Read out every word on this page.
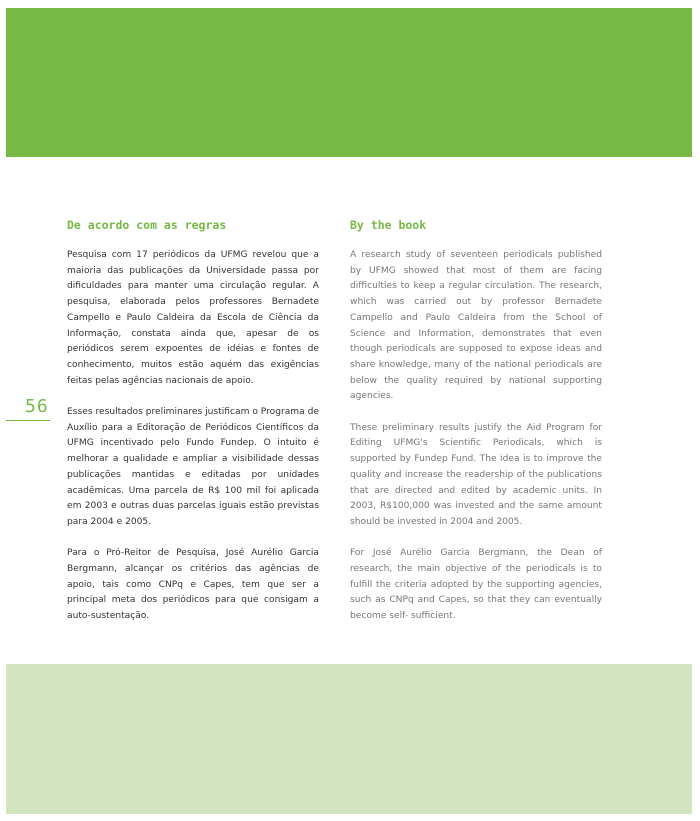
56
De acordo com as regras

Pesquisa com 17 periódicos da UFMG revelou que a maioria das publicações da Universidade passa por dificuldades para manter uma circulação regular. A pesquisa, elaborada pelos professores Bernadete Campello e Paulo Caldeira da Escola de Ciência da Informação, constata ainda que, apesar de os periódicos serem expoentes de idéias e fontes de conhecimento, muitos estão aquém das exigências feitas pelas agências nacionais de apoio.

Esses resultados preliminares justificam o Programa de Auxílio para a Editoração de Periódicos Científicos da UFMG incentivado pelo Fundo Fundep. O intuito é melhorar a qualidade e ampliar a visibilidade dessas publicações mantidas e editadas por unidades acadêmicas. Uma parcela de R$ 100 mil foi aplicada em 2003 e outras duas parcelas iguais estão previstas para 2004 e 2005.

Para o Pró-Reitor de Pesquisa, José Aurélio Garcia Bergmann, alcançar os critérios das agências de apoio, tais como CNPq e Capes, tem que ser a principal meta dos periódicos para que consigam a auto-sustentação.

By the book

A research study of seventeen periodicals published by UFMG showed that most of them are facing difficulties to keep a regular circulation. The research, which was carried out by professor Bernadete Campello and Paulo Caldeira from the School of Science and Information, demonstrates that even though periodicals are supposed to expose ideas and share knowledge, many of the national periodicals are below the quality required by national supporting agencies.

These preliminary results justify the Aid Program for Editing UFMG's Scientific Periodicals, which is supported by Fundep Fund. The idea is to improve the quality and increase the readership of the publications that are directed and edited by academic units. In 2003, R$100,000 was invested and the same amount should be invested in 2004 and 2005.

For José Aurélio Garcia Bergmann, the Dean of research, the main objective of the periodicals is to fulfill the criteria adopted by the supporting agencies, such as CNPq and Capes, so that they can eventually become self- sufficient.
